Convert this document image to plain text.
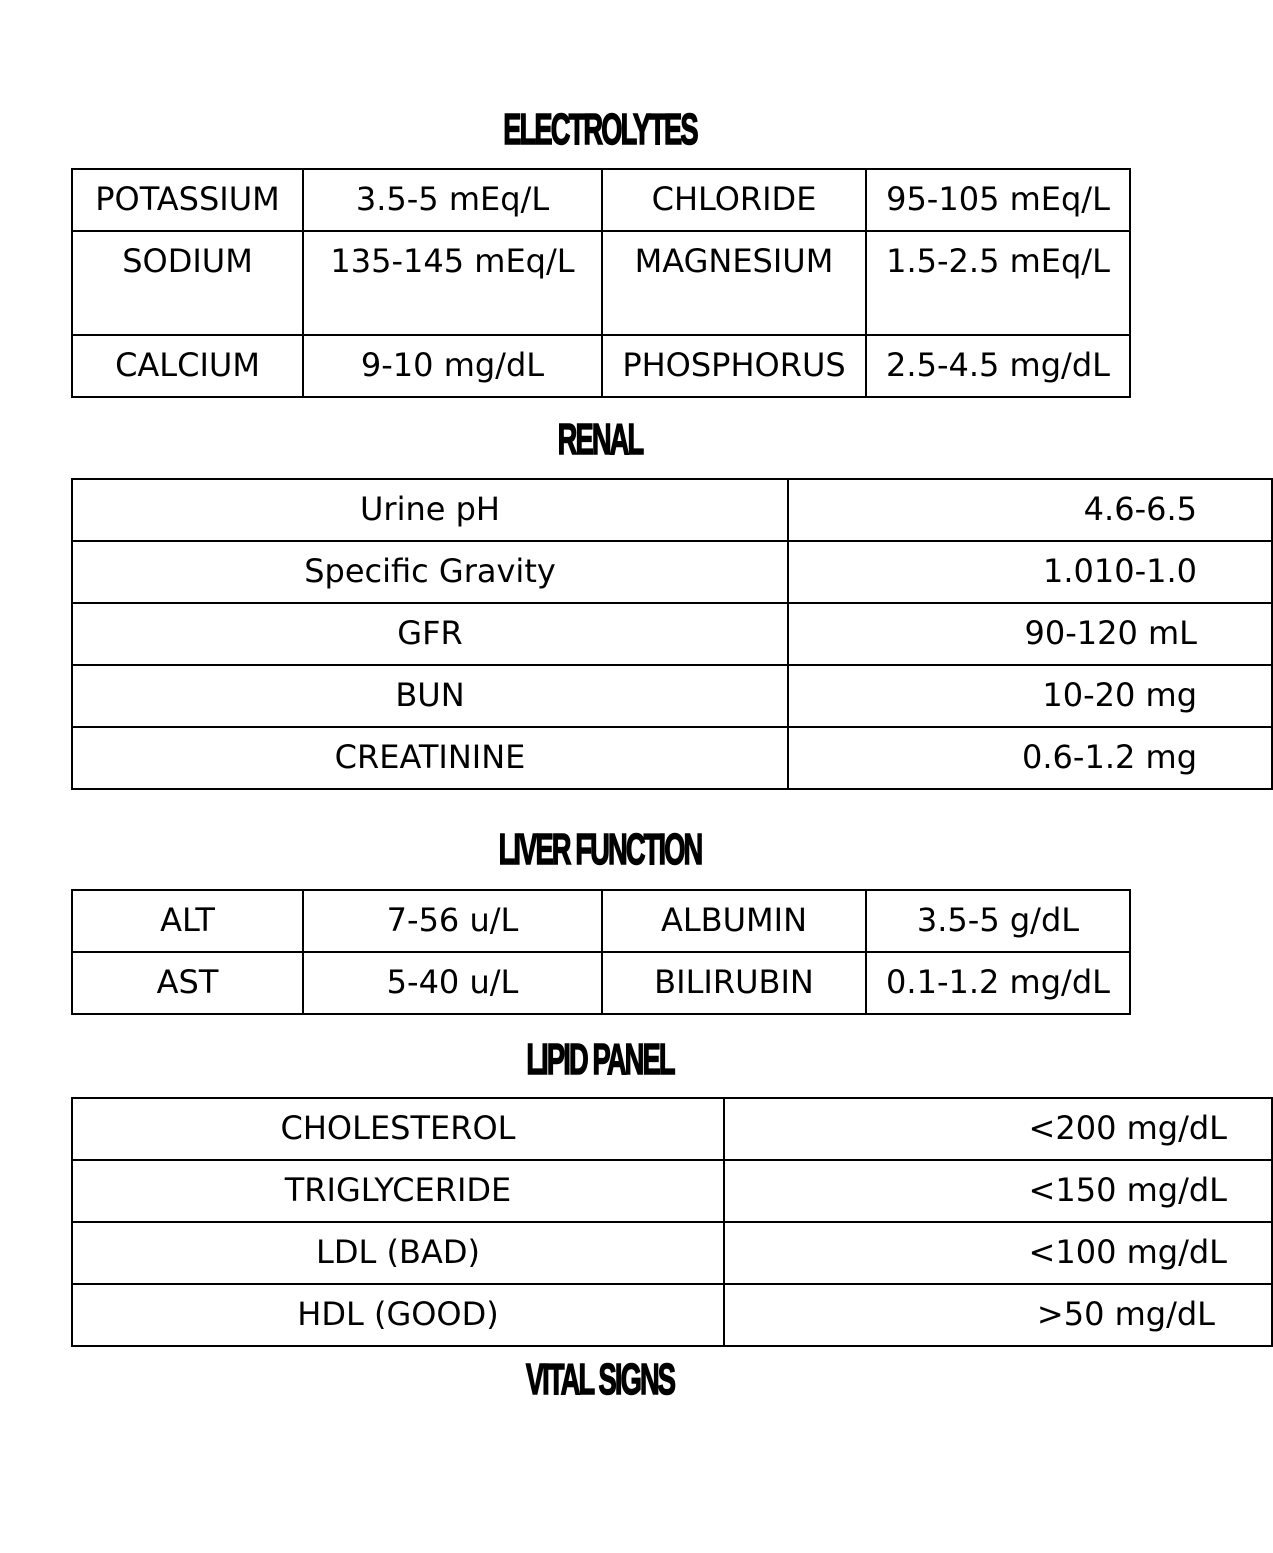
ELECTROLYTES
POTASSIUM	3.5-5 mEq/L	CHLORIDE	95-105 mEq/L
SODIUM	135-145 mEq/L	MAGNESIUM	1.5-2.5 mEq/L
CALCIUM	9-10 mg/dL	PHOSPHORUS	2.5-4.5 mg/dL
RENAL
Urine pH	4.6-6.5
Specific Gravity	1.010-1.0
GFR	90-120 mL
BUN	10-20 mg
CREATININE	0.6-1.2 mg
LIVER FUNCTION
ALT	7-56 u/L	ALBUMIN	3.5-5 g/dL
AST	5-40 u/L	BILIRUBIN	0.1-1.2 mg/dL
LIPID PANEL
CHOLESTEROL	<200 mg/dL
TRIGLYCERIDE	<150 mg/dL
LDL (BAD)	<100 mg/dL
HDL (GOOD)	>50 mg/dL
VITAL SIGNS
